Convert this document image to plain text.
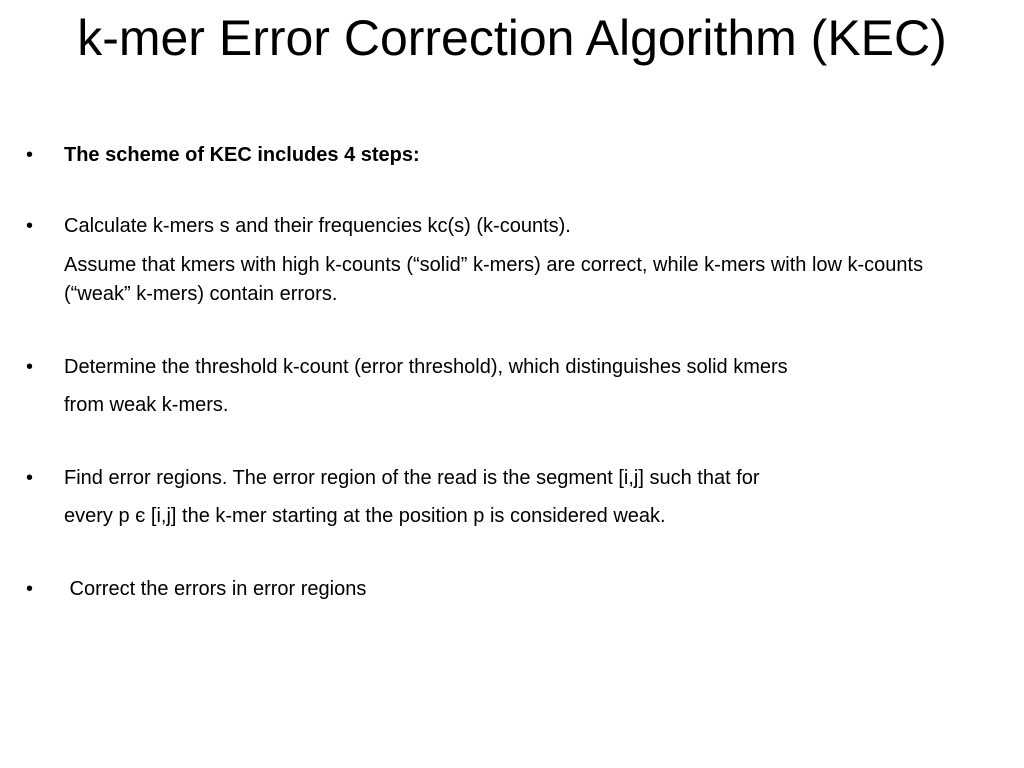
k-mer Error Correction Algorithm (KEC)
• The scheme of KEC includes 4 steps:
• Calculate k-mers s and their frequencies kc(s) (k-counts).
Assume that kmers with high k-counts (“solid” k-mers) are correct, while k-mers with low k-counts (“weak” k-mers) contain errors.
• Determine the threshold k-count (error threshold), which distinguishes solid kmers
from weak k-mers.
• Find error regions. The error region of the read is the segment [i,j] such that for
every p є [i,j] the k-mer starting at the position p is considered weak.
• Correct the errors in error regions
